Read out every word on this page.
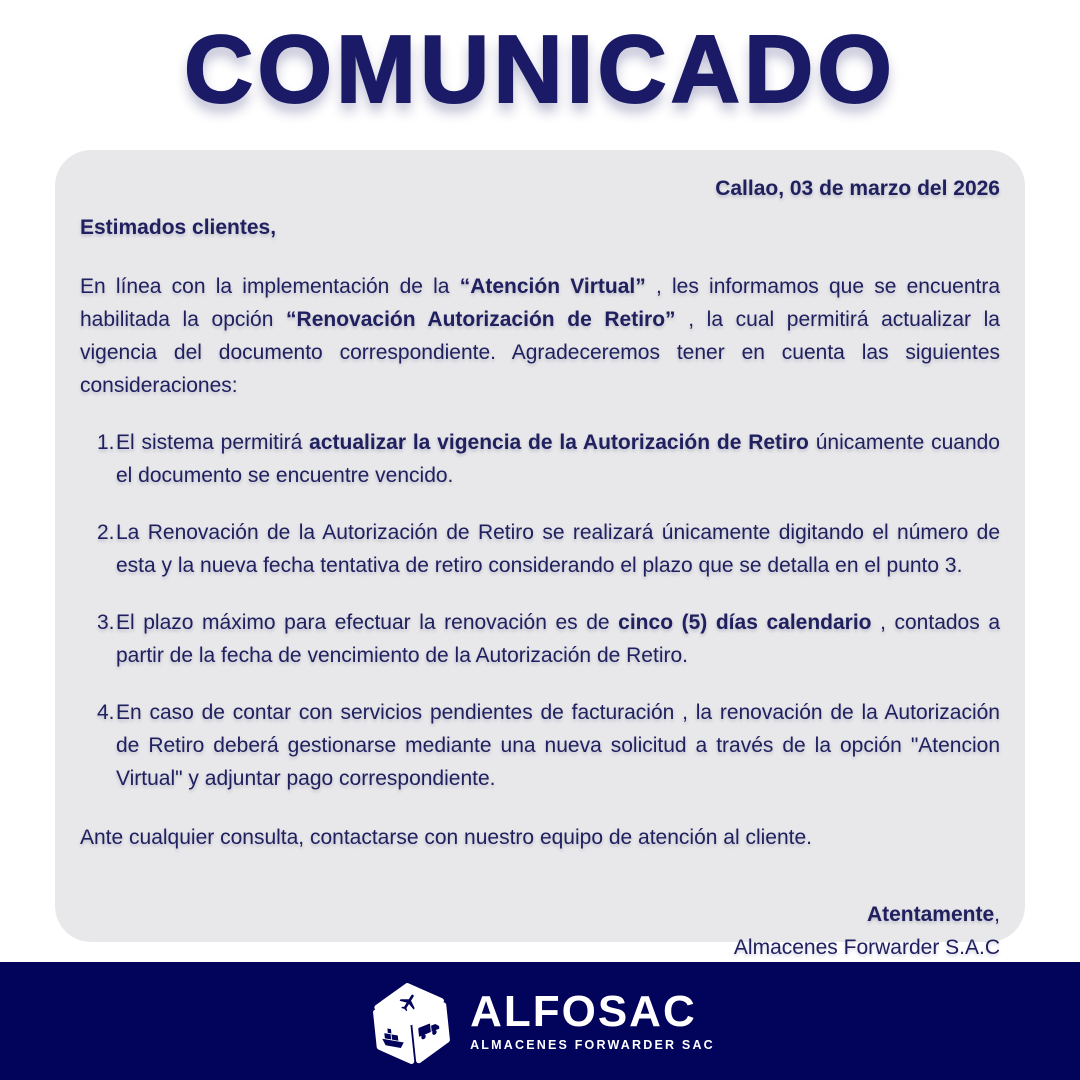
COMUNICADO

Callao, 03 de marzo del 2026

Estimados clientes,

En línea con la implementación de la “Atención Virtual” , les informamos que se encuentra habilitada la opción “Renovación Autorización de Retiro” , la cual permitirá actualizar la vigencia del documento correspondiente. Agradeceremos tener en cuenta las siguientes consideraciones:

1. El sistema permitirá actualizar la vigencia de la Autorización de Retiro únicamente cuando el documento se encuentre vencido.
2. La Renovación de la Autorización de Retiro se realizará únicamente digitando el número de esta y la nueva fecha tentativa de retiro considerando el plazo que se detalla en el punto 3.
3. El plazo máximo para efectuar la renovación es de cinco (5) días calendario , contados a partir de la fecha de vencimiento de la Autorización de Retiro.
4. En caso de contar con servicios pendientes de facturación , la renovación de la Autorización de Retiro deberá gestionarse mediante una nueva solicitud a través de la opción "Atencion Virtual" y adjuntar pago correspondiente.

Ante cualquier consulta, contactarse con nuestro equipo de atención al cliente.

Atentamente,

Almacenes Forwarder S.A.C

ALFOSAC
ALMACENES FORWARDER SAC
